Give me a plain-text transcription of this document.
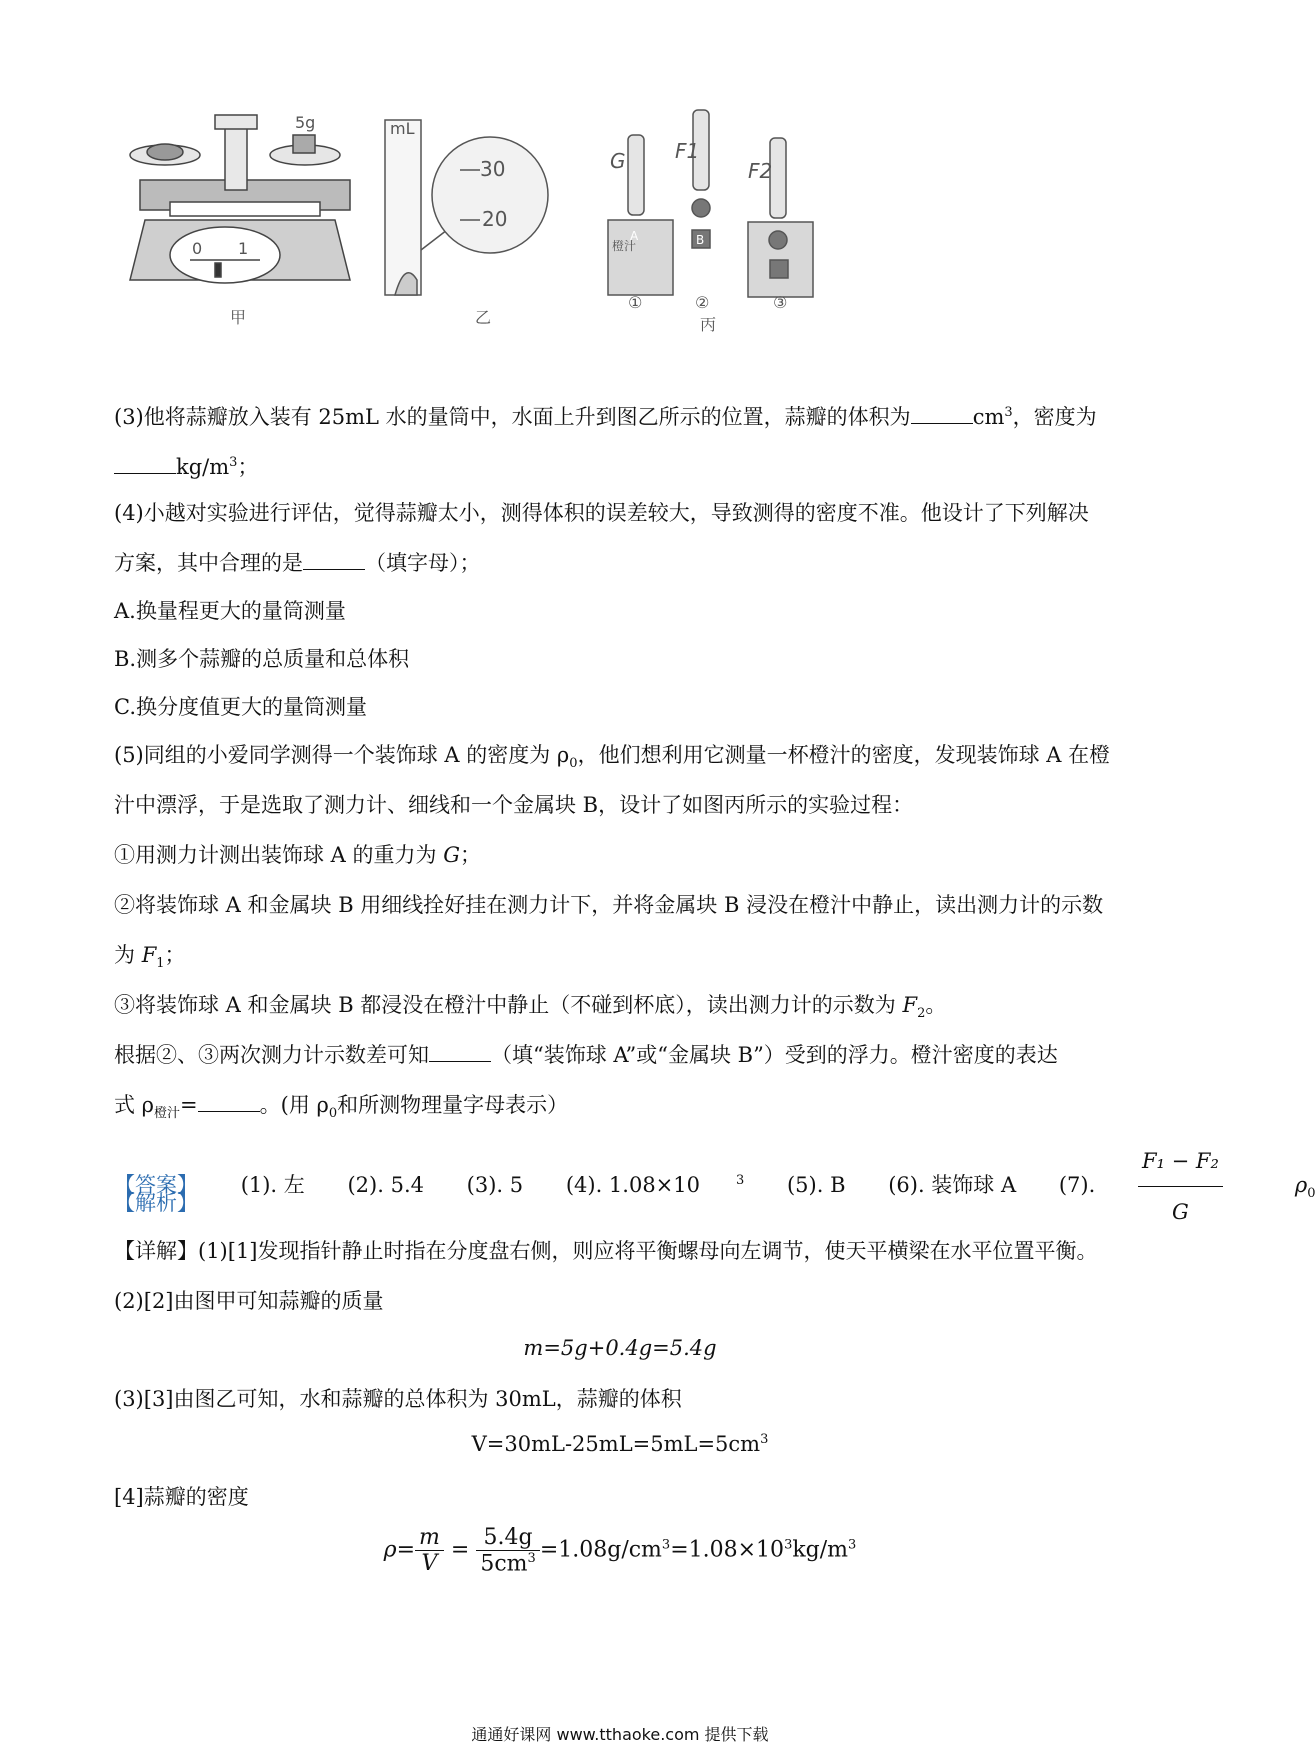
5g
0 1
甲
mL
30
20
乙
G F1
F2
A	B
橙汁
①	②	③
丙
(3)他将蒜瓣放入装有 25mL 水的量筒中，水面上升到图乙所示的位置，蒜瓣的体积为	$cm^3$，密度为
$kg/m^3$；
(4)小越对实验进行评估，觉得蒜瓣太小，测得体积的误差较大，导致测得的密度不准。他设计了下列解决
方案，其中合理的是	（填字母）；
A.换量程更大的量筒测量
B.测多个蒜瓣的总质量和总体积
C.换分度值更大的量筒测量
(5)同组的小爱同学测得一个装饰球 A 的密度为 $\rho_0$，他们想利用它测量一杯橙汁的密度，发现装饰球 A 在橙
汁中漂浮，于是选取了测力计、细线和一个金属块 B，设计了如图丙所示的实验过程：
①用测力计测出装饰球 A 的重力为 G；
②将装饰球 A 和金属块 B 用细线拴好挂在测力计下，并将金属块 B 浸没在橙汁中静止，读出测力计的示数
为 $F_1$；
③将装饰球 A 和金属块 B 都浸没在橙汁中静止（不碰到杯底），读出测力计的示数为 $F_2$。
根据②、③两次测力计示数差可知	（填“装饰球 A”或“金属块 B”）受到的浮力。橙汁密度的表达
式 $\rho_{橙汁}=$	。(用 $\rho_0$和所测物理量字母表示）
【答案】 (1). 左 (2). 5.4 (3). 5 (4). 1.08×10	$^3$ (5). B (6). 装饰球 A (7). $\frac{\text{F₁ − F₂}}{G} \rho_0$
【解析】
【详解】(1)[1]发现指针静止时指在分度盘右侧，则应将平衡螺母向左调节，使天平横梁在水平位置平衡。
(2)[2]由图甲可知蒜瓣的质量
m=5g+0.4g=5.4g
(3)[3]由图乙可知，水和蒜瓣的总体积为 30mL，蒜瓣的体积
$V=30mL-25mL=5mL=5cm^3$
[4]蒜瓣的密度
$\rho= \frac{m}{V} = \frac{5.4g}{5cm^3} =1.08g/cm^3=1.08\times 10^3kg/m^3$
通通好课网 www.tthaoke.com 提供下载
